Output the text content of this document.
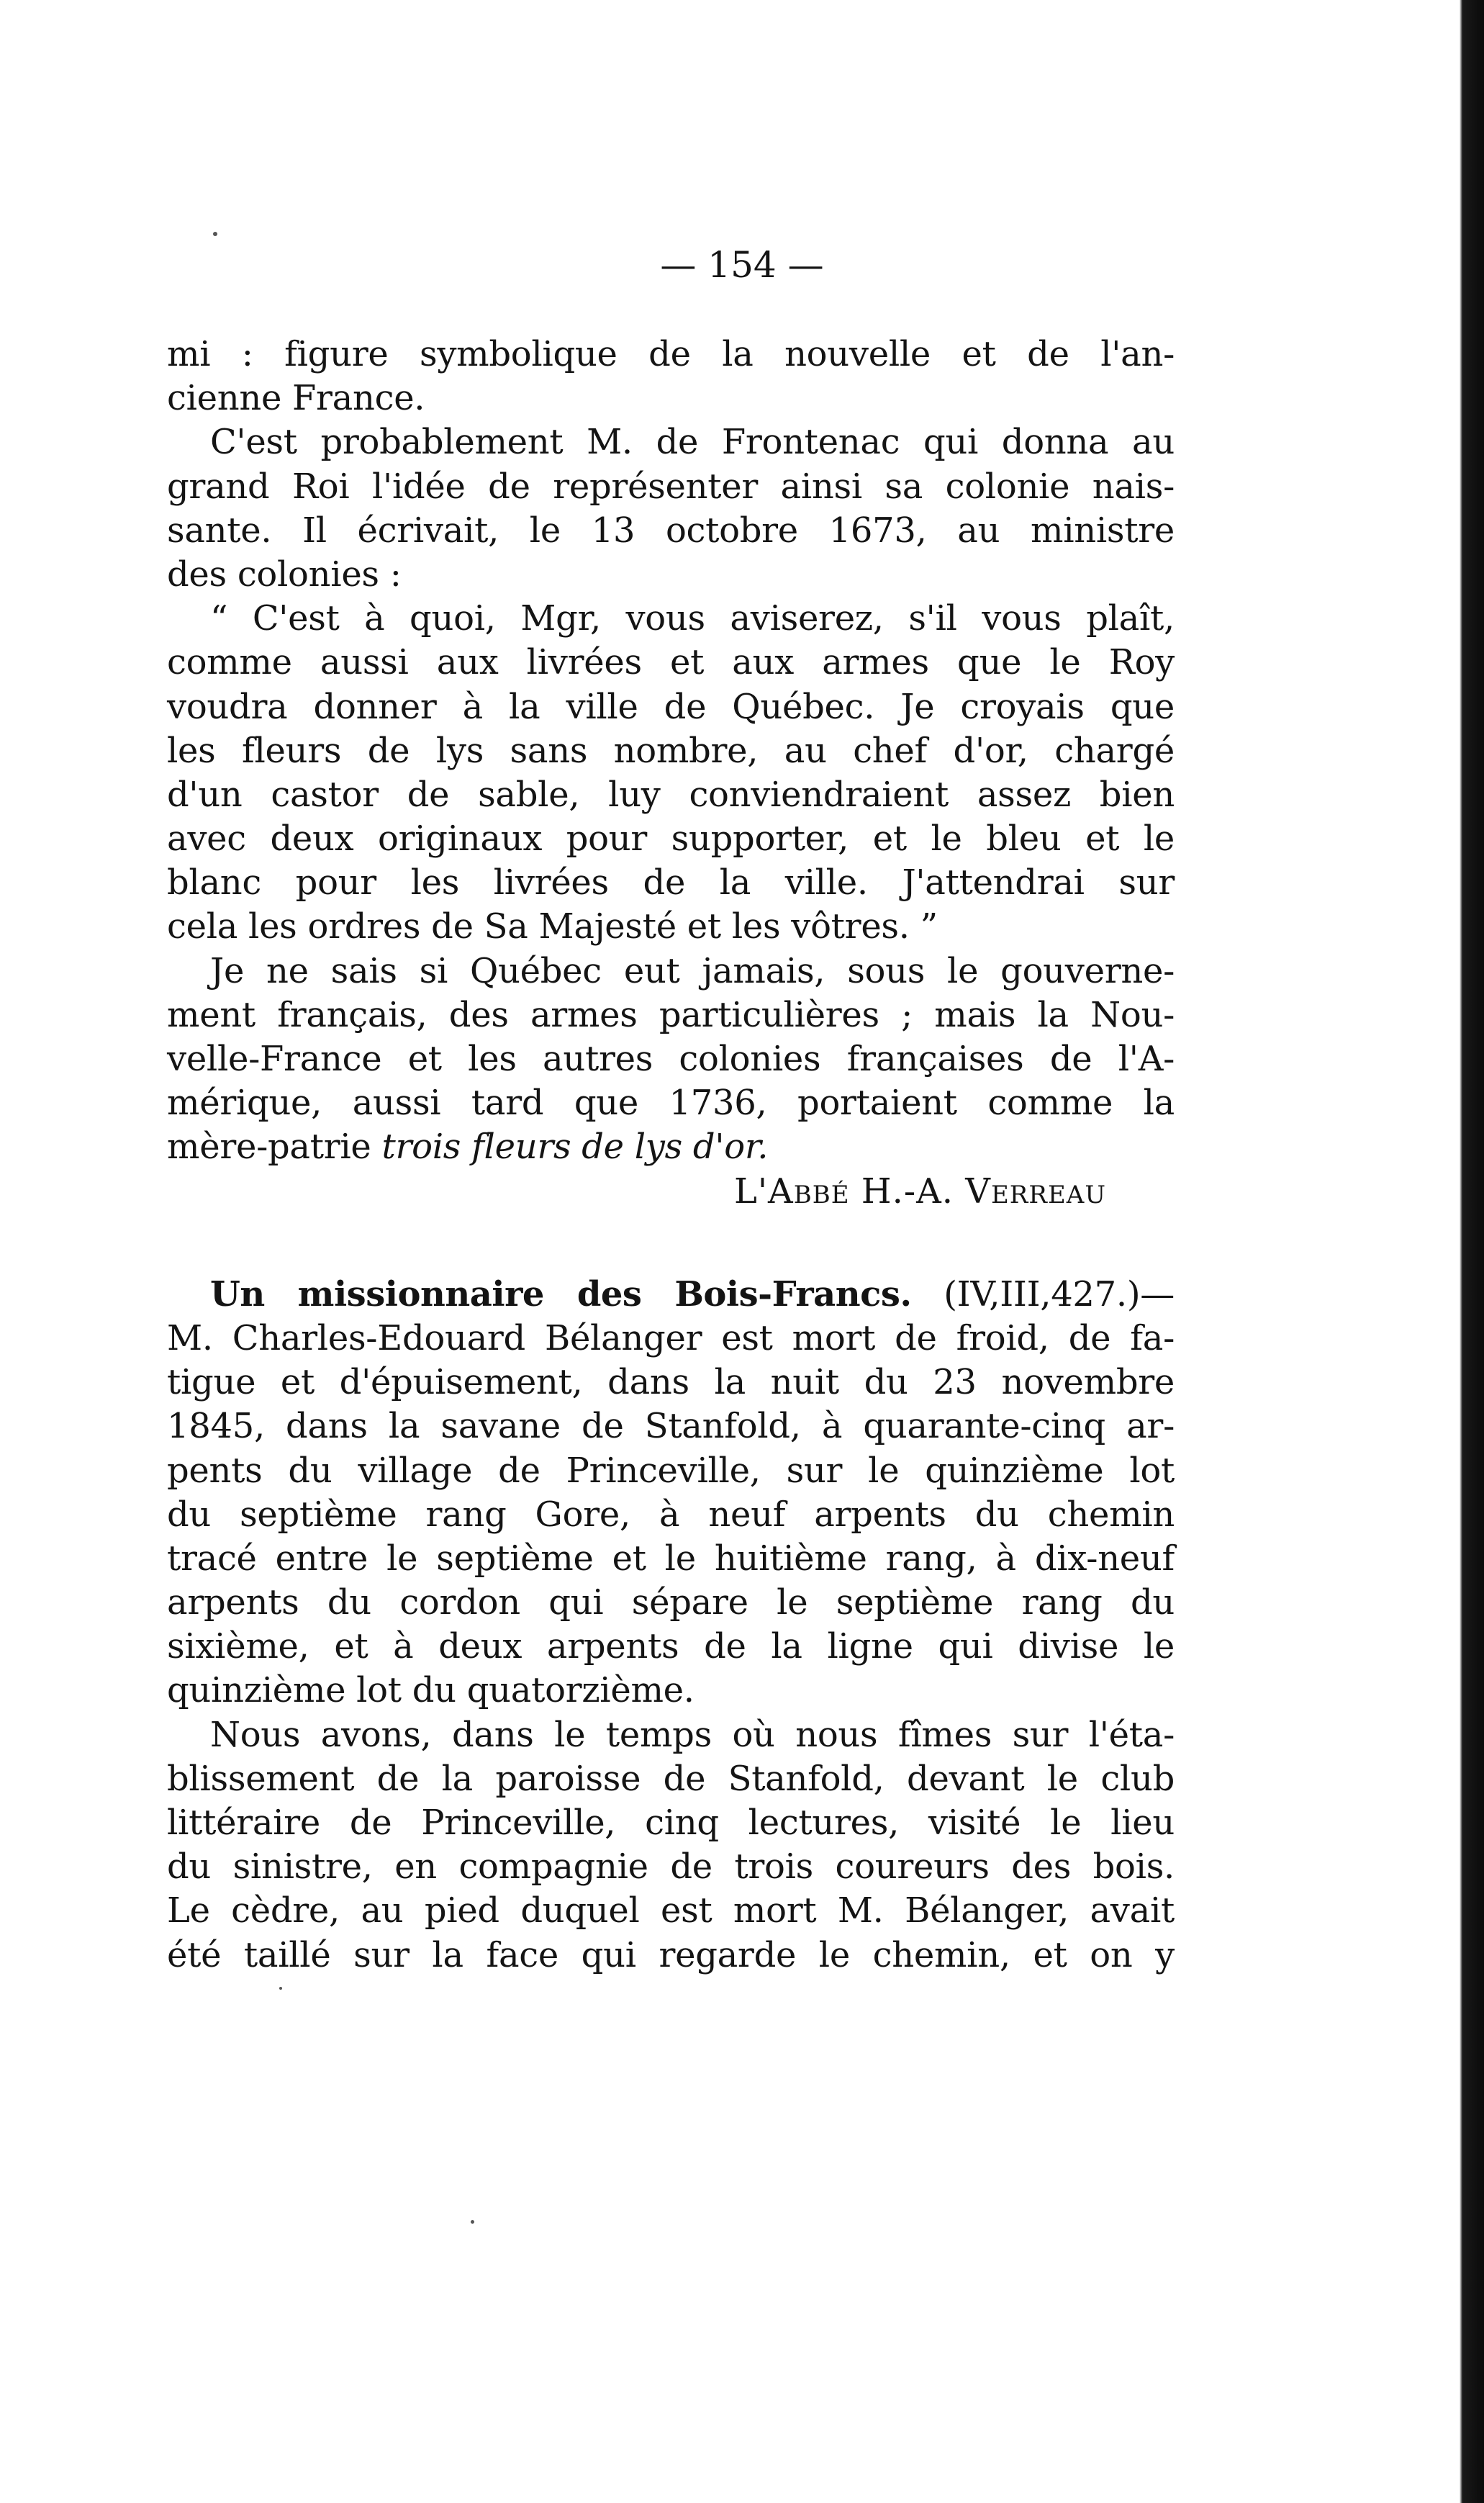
— 154 —
mi : figure symbolique de la nouvelle et de l'an-
cienne France.
C'est probablement M. de Frontenac qui donna au
grand Roi l'idée de représenter ainsi sa colonie nais-
sante. Il écrivait, le 13 octobre 1673, au ministre
des colonies :
“ C'est à quoi, Mgr, vous aviserez, s'il vous plaît,
comme aussi aux livrées et aux armes que le Roy
voudra donner à la ville de Québec. Je croyais que
les fleurs de lys sans nombre, au chef d'or, chargé
d'un castor de sable, luy conviendraient assez bien
avec deux originaux pour supporter, et le bleu et le
blanc pour les livrées de la ville. J'attendrai sur
cela les ordres de Sa Majesté et les vôtres. ”
Je ne sais si Québec eut jamais, sous le gouverne-
ment français, des armes particulières ; mais la Nou-
velle-France et les autres colonies françaises de l'A-
mérique, aussi tard que 1736, portaient comme la
mère-patrie trois fleurs de lys d'or.
L'Abbé H.-A. Verreau
Un missionnaire des Bois-Francs. (IV,III,427.)—
M. Charles-Edouard Bélanger est mort de froid, de fa-
tigue et d'épuisement, dans la nuit du 23 novembre
1845, dans la savane de Stanfold, à quarante-cinq ar-
pents du village de Princeville, sur le quinzième lot
du septième rang Gore, à neuf arpents du chemin
tracé entre le septième et le huitième rang, à dix-neuf
arpents du cordon qui sépare le septième rang du
sixième, et à deux arpents de la ligne qui divise le
quinzième lot du quatorzième.
Nous avons, dans le temps où nous fîmes sur l'éta-
blissement de la paroisse de Stanfold, devant le club
littéraire de Princeville, cinq lectures, visité le lieu
du sinistre, en compagnie de trois coureurs des bois.
Le cèdre, au pied duquel est mort M. Bélanger, avait
été taillé sur la face qui regarde le chemin, et on y
